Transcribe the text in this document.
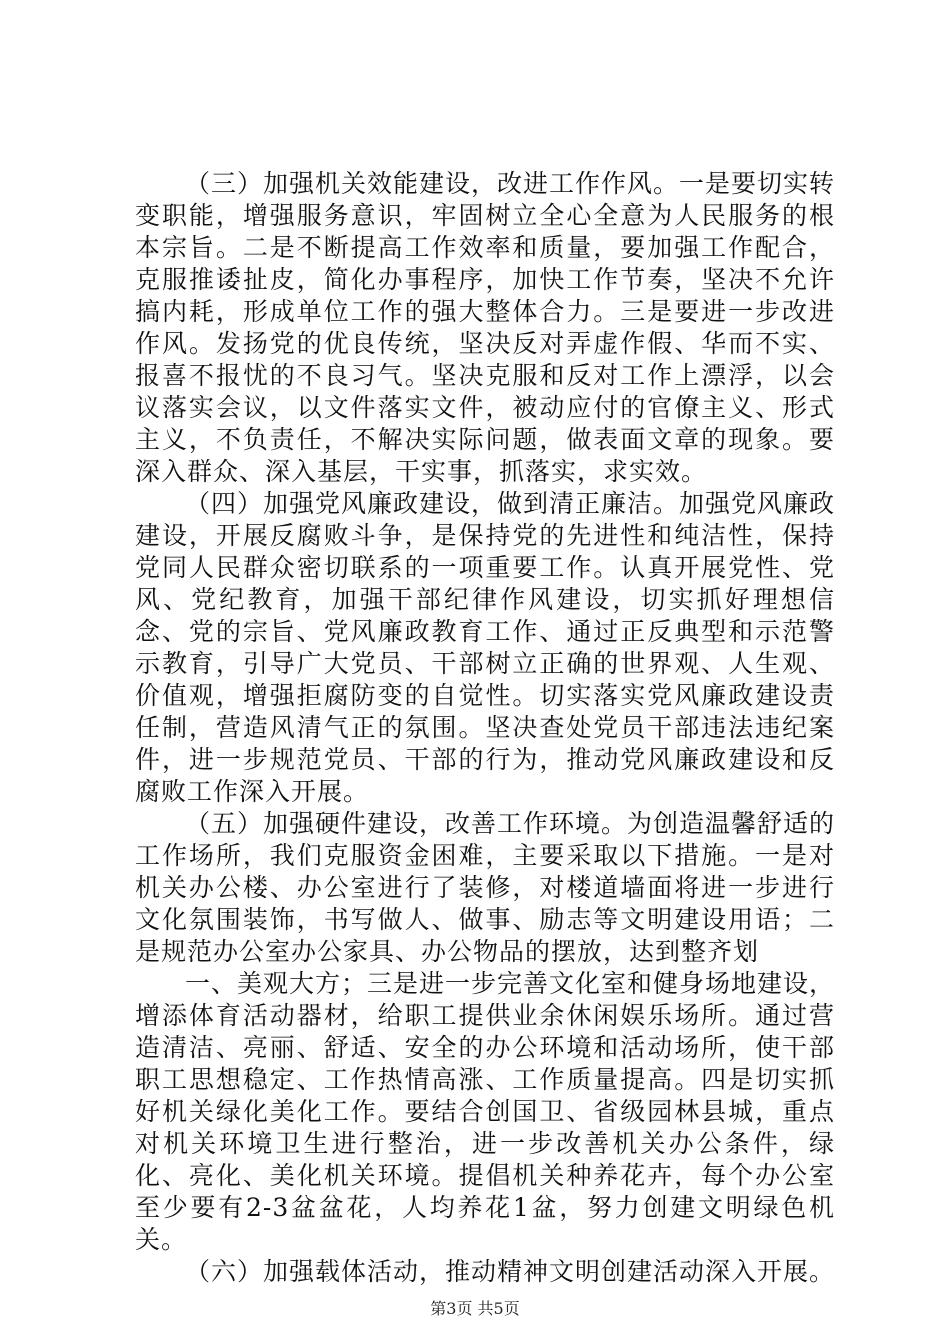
（三）加强机关效能建设，改进工作作风。一是要切实转变职能，增强服务意识，牢固树立全心全意为人民服务的根本宗旨。二是不断提高工作效率和质量，要加强工作配合，克服推诿扯皮，简化办事程序，加快工作节奏，坚决不允许搞内耗，形成单位工作的强大整体合力。三是要进一步改进作风。发扬党的优良传统，坚决反对弄虚作假、华而不实、报喜不报忧的不良习气。坚决克服和反对工作上漂浮，以会议落实会议，以文件落实文件，被动应付的官僚主义、形式主义，不负责任，不解决实际问题，做表面文章的现象。要深入群众、深入基层，干实事，抓落实，求实效。

（四）加强党风廉政建设，做到清正廉洁。加强党风廉政建设，开展反腐败斗争，是保持党的先进性和纯洁性，保持党同人民群众密切联系的一项重要工作。认真开展党性、党风、党纪教育，加强干部纪律作风建设，切实抓好理想信念、党的宗旨、党风廉政教育工作、通过正反典型和示范警示教育，引导广大党员、干部树立正确的世界观、人生观、价值观，增强拒腐防变的自觉性。切实落实党风廉政建设责任制，营造风清气正的氛围。坚决查处党员干部违法违纪案件，进一步规范党员、干部的行为，推动党风廉政建设和反腐败工作深入开展。

（五）加强硬件建设，改善工作环境。为创造温馨舒适的工作场所，我们克服资金困难，主要采取以下措施。一是对机关办公楼、办公室进行了装修，对楼道墙面将进一步进行文化氛围装饰，书写做人、做事、励志等文明建设用语；二是规范办公室办公家具、办公物品的摆放，达到整齐划

一、美观大方；三是进一步完善文化室和健身场地建设，增添体育活动器材，给职工提供业余休闲娱乐场所。通过营造清洁、亮丽、舒适、安全的办公环境和活动场所，使干部职工思想稳定、工作热情高涨、工作质量提高。四是切实抓好机关绿化美化工作。要结合创国卫、省级园林县城，重点对机关环境卫生进行整治，进一步改善机关办公条件，绿化、亮化、美化机关环境。提倡机关种养花卉，每个办公室至少要有2-3盆盆花，人均养花1盆，努力创建文明绿色机关。

（六）加强载体活动，推动精神文明创建活动深入开展。

第3页 共5页
